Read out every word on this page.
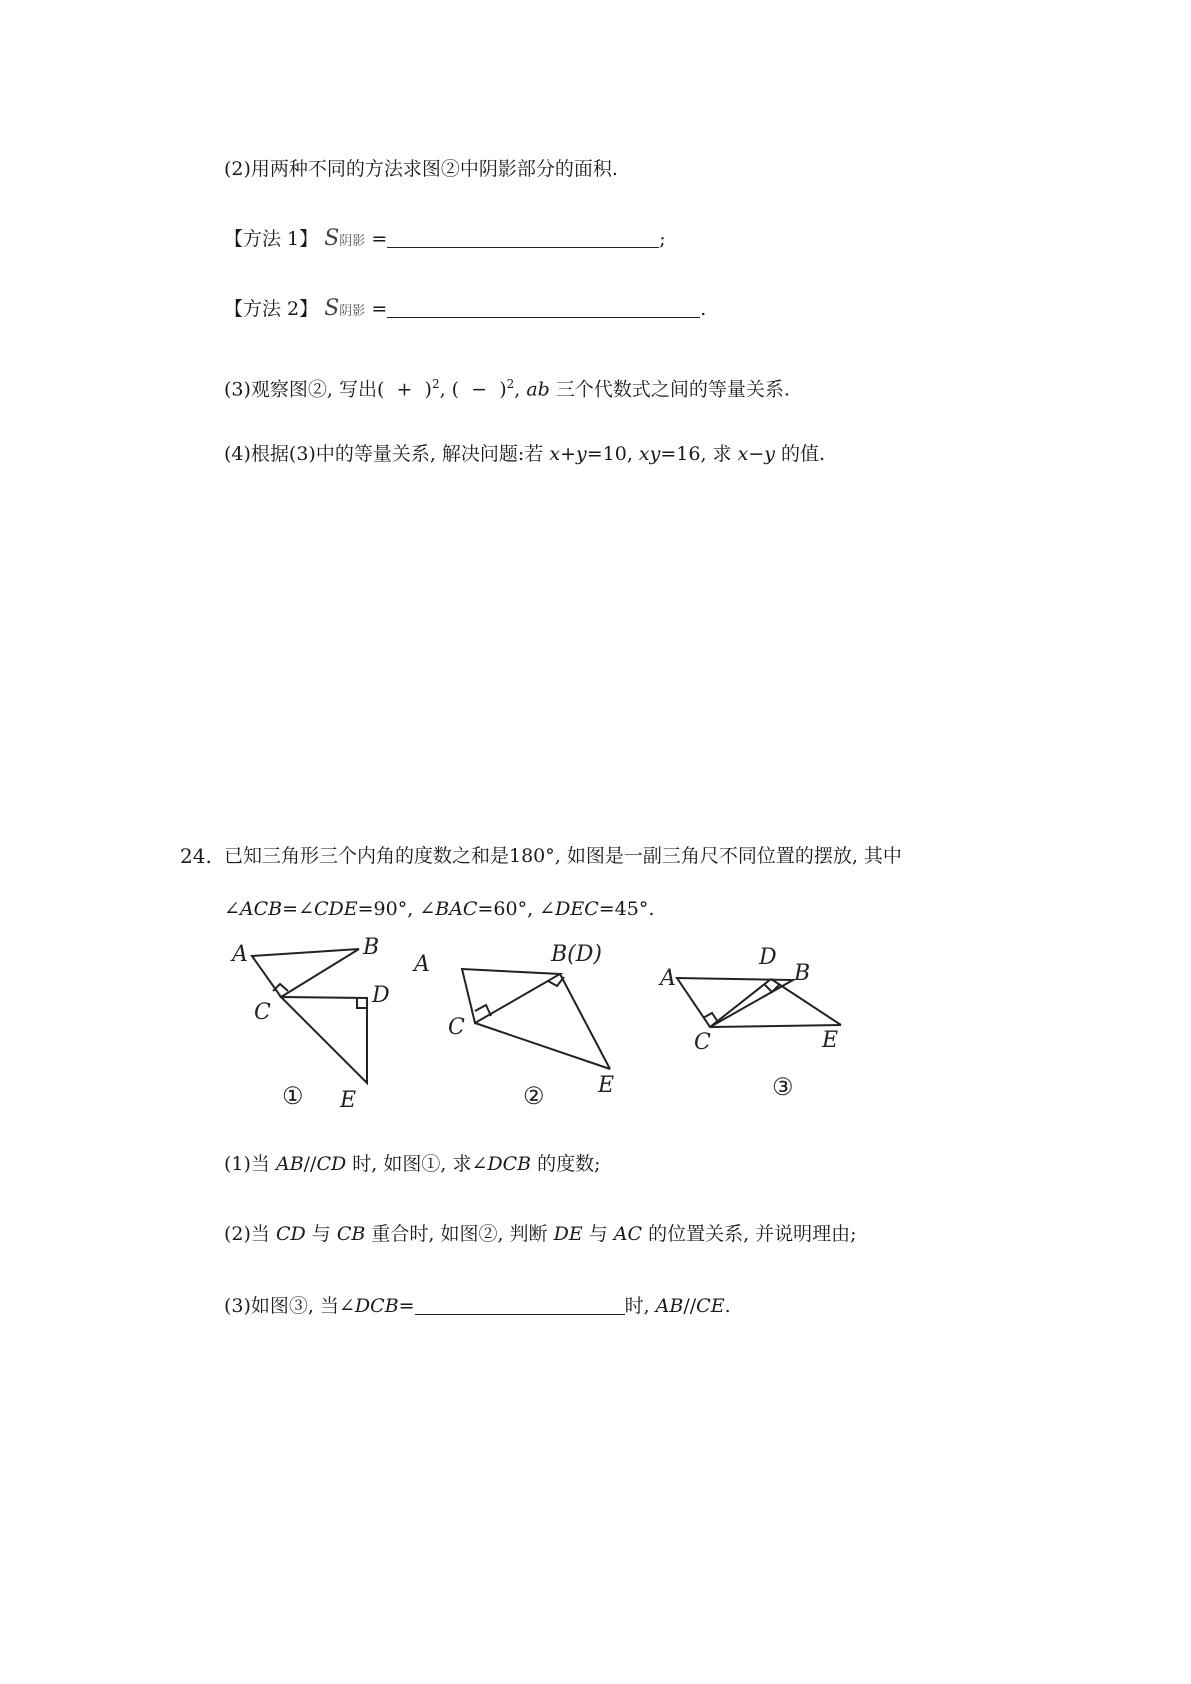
(2)用两种不同的方法求图②中阴影部分的面积.
【方法 1】 S阴影 =	;
【方法 2】 S阴影 =	.
(3)观察图②, 写出( + )$^2$, ( − )$^2$, ab 三个代数式之间的等量关系.
(4)根据(3)中的等量关系, 解决问题:若 x+y=10, xy=16, 求 x−y 的值.
24. 已知三角形三个内角的度数之和是180°, 如图是一副三角尺不同位置的摆放, 其中
∠ACB=∠CDE=90°, ∠BAC=60°, ∠DEC=45°.
A	B
C
D
E
①
A	B(D)
C
E
②
A
D
B
C	E
③
(1)当 AB//CD 时, 如图①, 求∠DCB 的度数;
(2)当 CD 与 CB 重合时, 如图②, 判断 DE 与 AC 的位置关系, 并说明理由;
(3)如图③, 当∠DCB=	时, AB//CE.
